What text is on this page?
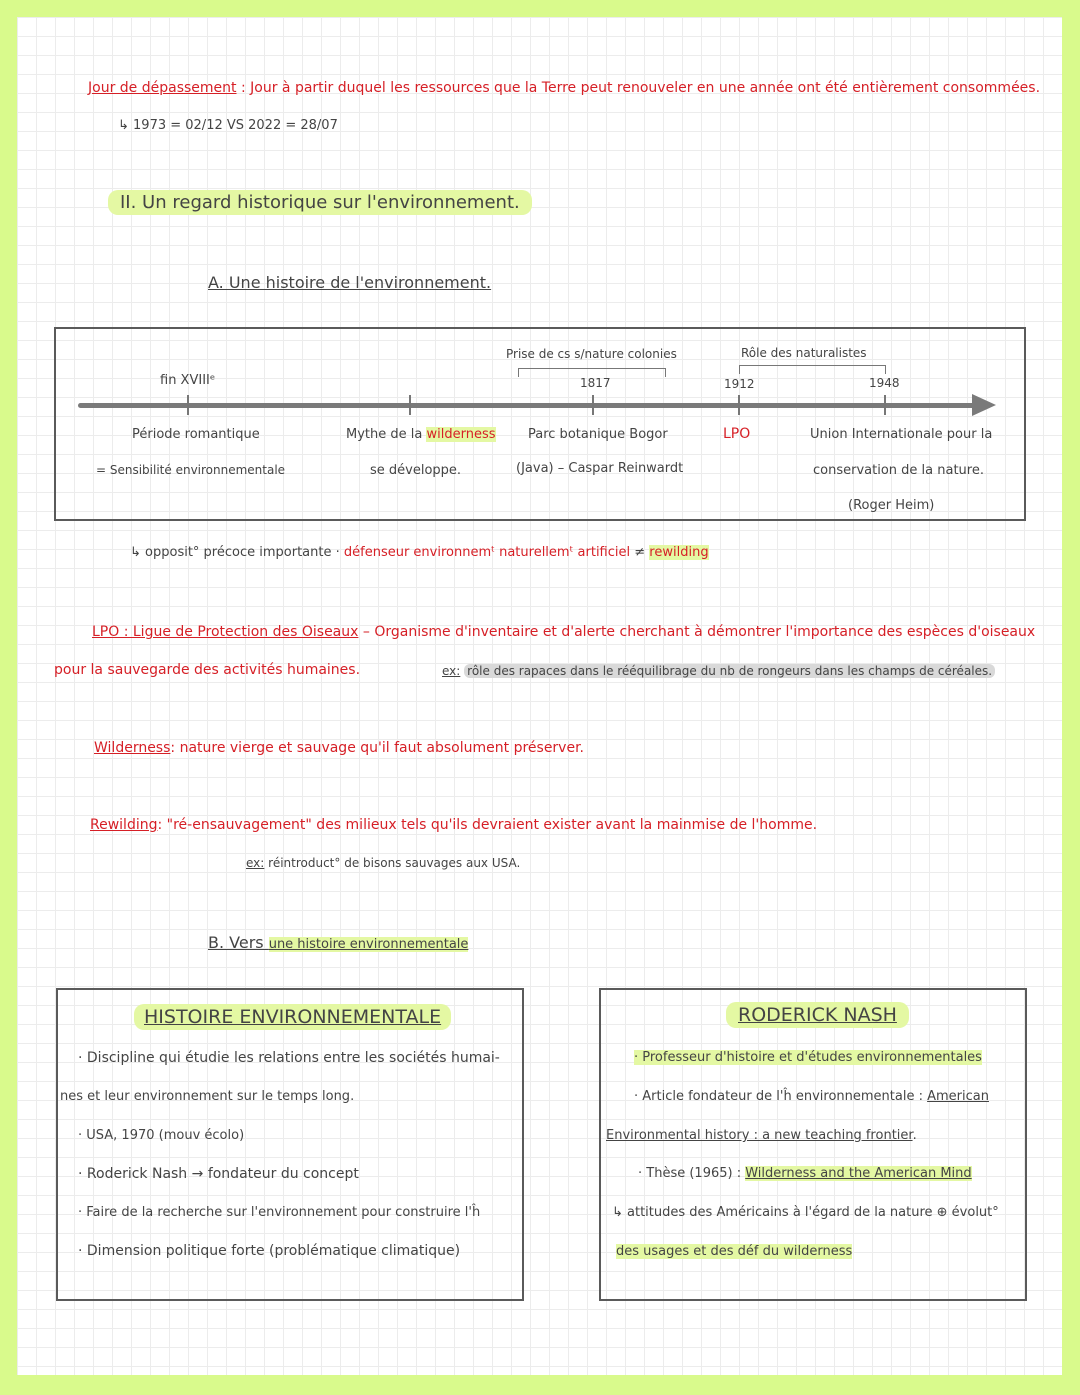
Jour de dépassement : Jour à partir duquel les ressources que la Terre peut renouveler en une année ont été entièrement consommées.
↳ 1973 = 02/12 VS 2022 = 28/07
II. Un regard historique sur l'environnement.
A. Une histoire de l'environnement.
Prise de cs s/nature colonies	Rôle des naturalistes
fin XVIIIᵉ	1817	1912	1948
Période romantique
= Sensibilité environnementale
Mythe de la wilderness
se développe.
Parc botanique Bogor
(Java) – Caspar Reinwardt
LPO	Union Internationale pour la
conservation de la nature.
(Roger Heim)
↳ opposit° précoce importante · défenseur environnemᵗ naturellemᵗ artificiel ≠ rewilding
LPO : Ligue de Protection des Oiseaux – Organisme d'inventaire et d'alerte cherchant à démontrer l'importance des espèces d'oiseaux
pour la sauvegarde des activités humaines.	ex: rôle des rapaces dans le rééquilibrage du nb de rongeurs dans les champs de céréales.
Wilderness: nature vierge et sauvage qu'il faut absolument préserver.
Rewilding: "ré-ensauvagement" des milieux tels qu'ils devraient exister avant la mainmise de l'homme.
ex: réintroduct° de bisons sauvages aux USA.
B. Vers une histoire environnementale
HISTOIRE ENVIRONNEMENTALE
· Discipline qui étudie les relations entre les sociétés humai-
nes et leur environnement sur le temps long.
· USA, 1970 (mouv écolo)
· Roderick Nash → fondateur du concept
· Faire de la recherche sur l'environnement pour construire l'ĥ
· Dimension politique forte (problématique climatique)
RODERICK NASH
· Professeur d'histoire et d'études environnementales
· Article fondateur de l'ĥ environnementale : American
Environmental history : a new teaching frontier.
· Thèse (1965) : Wilderness and the American Mind
↳ attitudes des Américains à l'égard de la nature ⊕ évolut°
des usages et des déf du wilderness
